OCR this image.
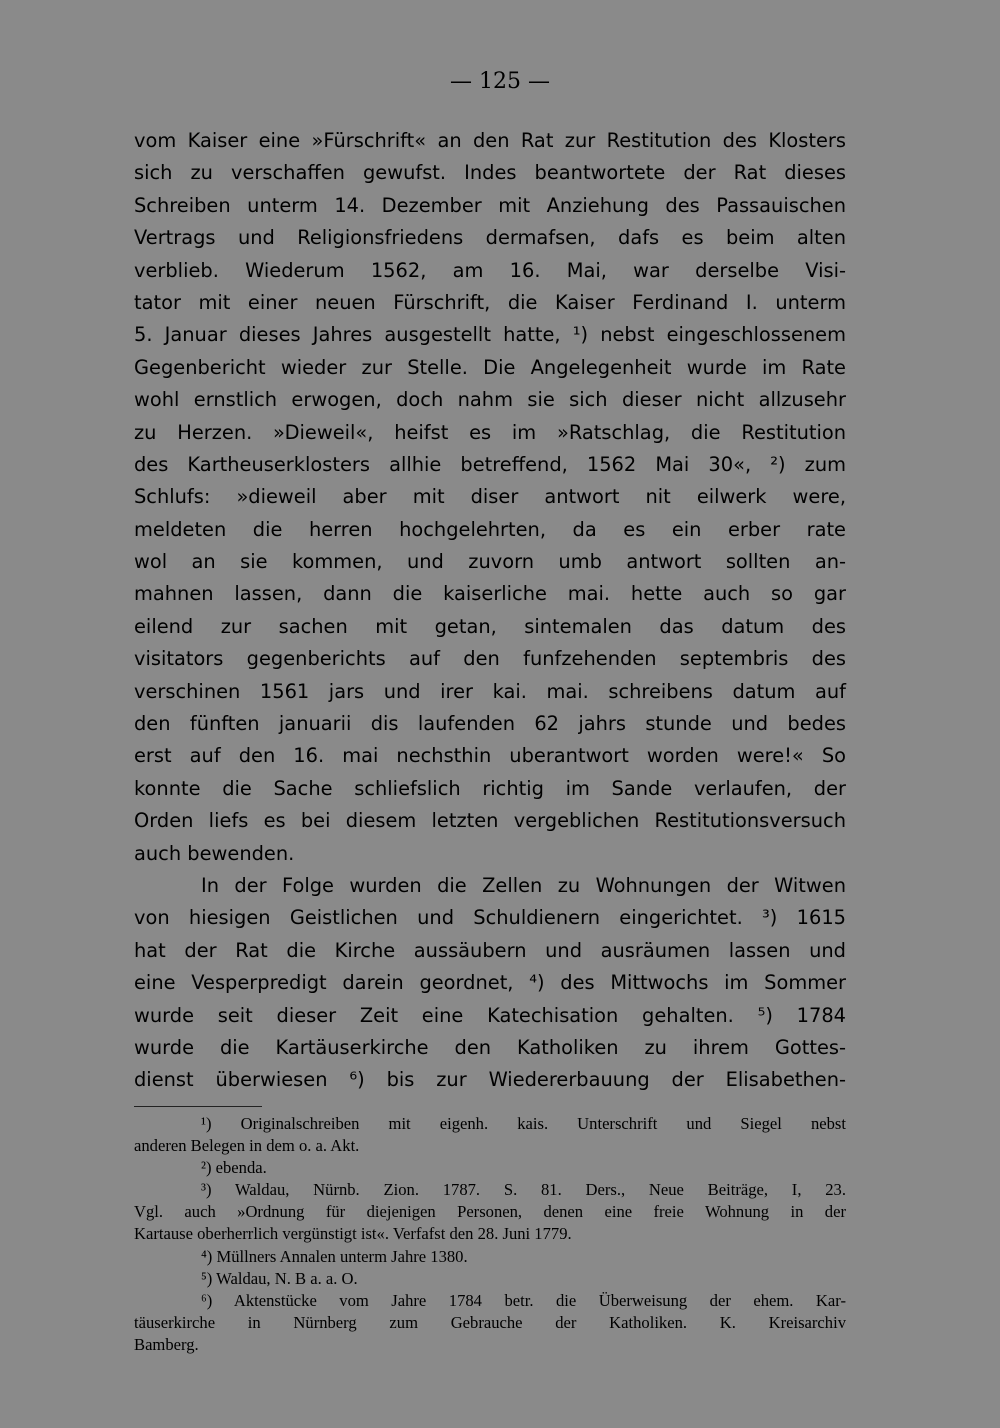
— 125 —
vom Kaiser eine »Fürschrift« an den Rat zur Restitution des Klosters
sich zu verschaffen gewufst. Indes beantwortete der Rat dieses
Schreiben unterm 14. Dezember mit Anziehung des Passauischen
Vertrags und Religionsfriedens dermafsen, dafs es beim alten
verblieb. Wiederum 1562, am 16. Mai, war derselbe Visi-
tator mit einer neuen Fürschrift, die Kaiser Ferdinand I. unterm
5. Januar dieses Jahres ausgestellt hatte, ¹) nebst eingeschlossenem
Gegenbericht wieder zur Stelle. Die Angelegenheit wurde im Rate
wohl ernstlich erwogen, doch nahm sie sich dieser nicht allzusehr
zu Herzen. »Dieweil«, heifst es im »Ratschlag, die Restitution
des Kartheuserklosters allhie betreffend, 1562 Mai 30«, ²) zum
Schlufs: »dieweil aber mit diser antwort nit eilwerk were,
meldeten die herren hochgelehrten, da es ein erber rate
wol an sie kommen, und zuvorn umb antwort sollten an-
mahnen lassen, dann die kaiserliche mai. hette auch so gar
eilend zur sachen mit getan, sintemalen das datum des
visitators gegenberichts auf den funfzehenden septembris des
verschinen 1561 jars und irer kai. mai. schreibens datum auf
den fünften januarii dis laufenden 62 jahrs stunde und bedes
erst auf den 16. mai nechsthin uberantwort worden were!« So
konnte die Sache schliefslich richtig im Sande verlaufen, der
Orden liefs es bei diesem letzten vergeblichen Restitutionsversuch
auch bewenden.
In der Folge wurden die Zellen zu Wohnungen der Witwen
von hiesigen Geistlichen und Schuldienern eingerichtet. ³) 1615
hat der Rat die Kirche aussäubern und ausräumen lassen und
eine Vesperpredigt darein geordnet, ⁴) des Mittwochs im Sommer
wurde seit dieser Zeit eine Katechisation gehalten. ⁵) 1784
wurde die Kartäuserkirche den Katholiken zu ihrem Gottes-
dienst überwiesen ⁶) bis zur Wiedererbauung der Elisabethen-
¹) Originalschreiben mit eigenh. kais. Unterschrift und Siegel nebst
anderen Belegen in dem o. a. Akt.
²) ebenda.
³) Waldau, Nürnb. Zion. 1787. S. 81. Ders., Neue Beiträge, I, 23.
Vgl. auch »Ordnung für diejenigen Personen, denen eine freie Wohnung in der
Kartause oberherrlich vergünstigt ist«. Verfafst den 28. Juni 1779.
⁴) Müllners Annalen unterm Jahre 1380.
⁵) Waldau, N. B a. a. O.
⁶) Aktenstücke vom Jahre 1784 betr. die Überweisung der ehem. Kar-
täuserkirche in Nürnberg zum Gebrauche der Katholiken. K. Kreisarchiv
Bamberg.
